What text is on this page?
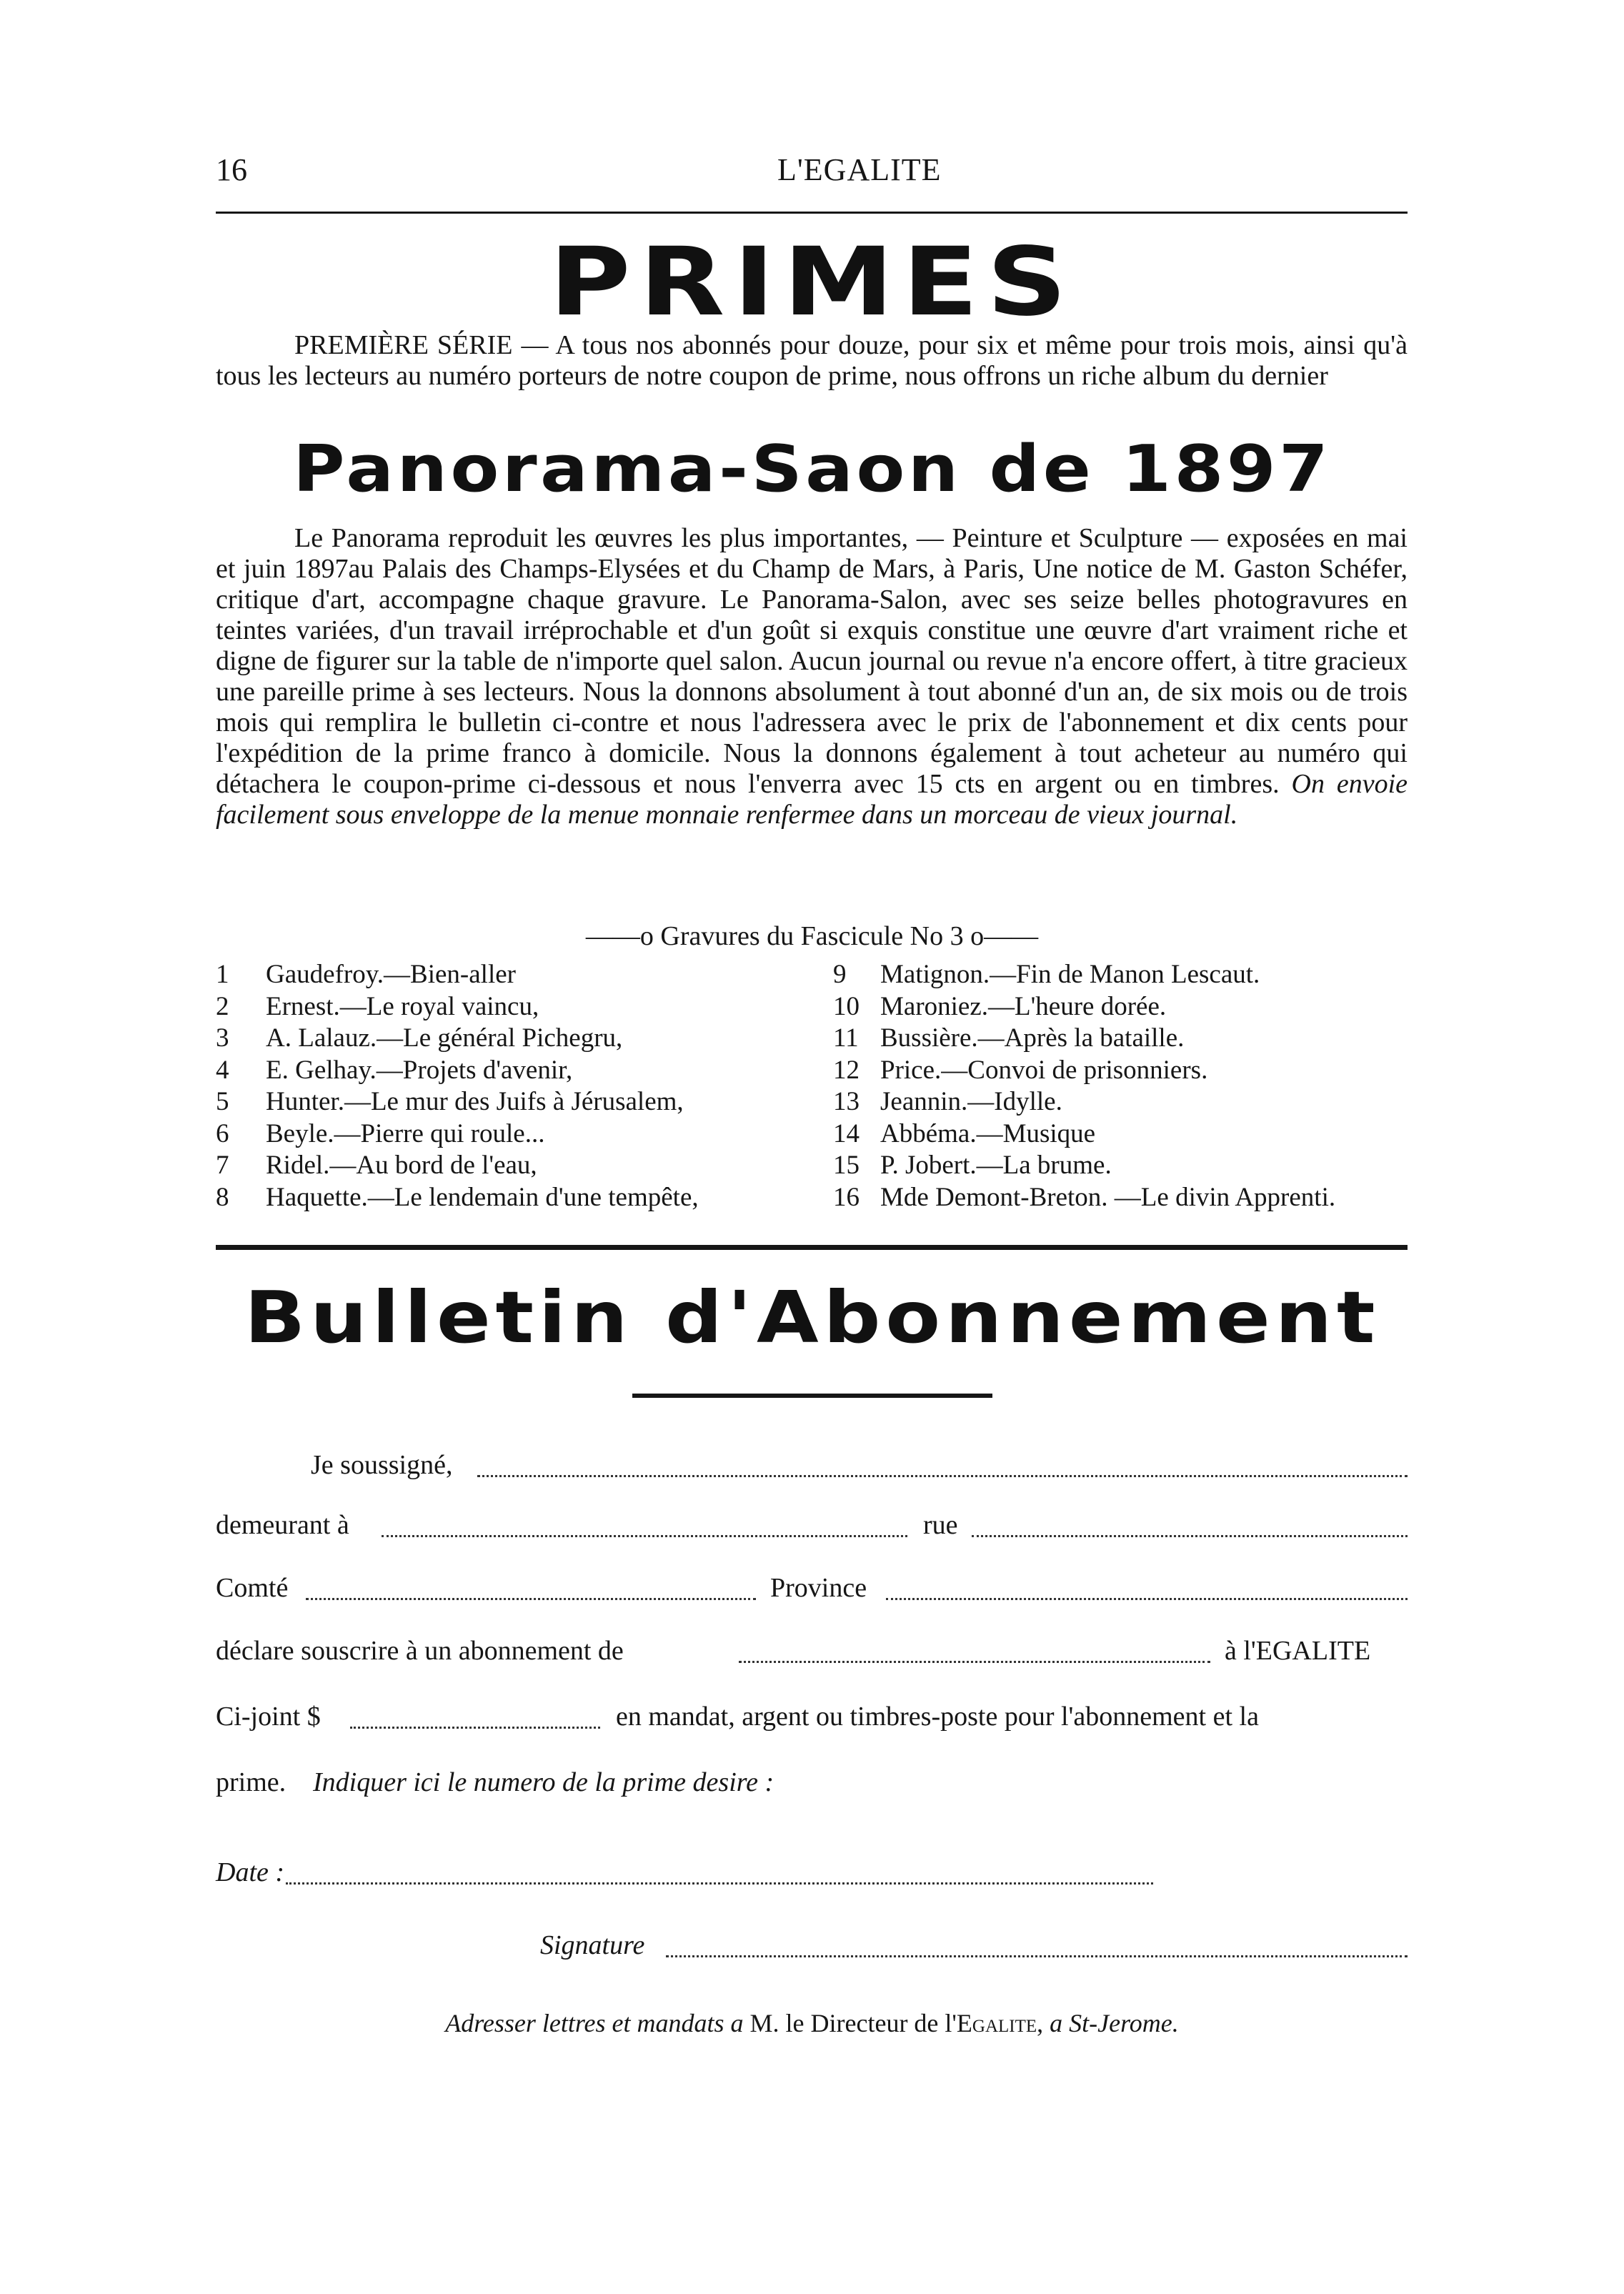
16	L'EGALITE
PRIMES
PREMIÈRE SÉRIE — A tous nos abonnés pour douze, pour six et même pour trois mois, ainsi qu'à tous les lecteurs au numéro porteurs de notre coupon de prime, nous offrons un riche album du dernier
Panorama-Saon de 1897
Le Panorama reproduit les œuvres les plus importantes, — Peinture et Sculpture — exposées en mai et juin 1897au Palais des Champs-Elysées et du Champ de Mars, à Paris, Une notice de M. Gaston Schéfer, critique d'art, accompagne chaque gravure. Le Panorama-Salon, avec ses seize belles photogravures en teintes variées, d'un travail irréprochable et d'un goût si exquis constitue une œuvre d'art vraiment riche et digne de figurer sur la table de n'importe quel salon. Aucun journal ou revue n'a encore offert, à titre gracieux une pareille prime à ses lecteurs. Nous la donnons absolument à tout abonné d'un an, de six mois ou de trois mois qui remplira le bulletin ci-contre et nous l'adressera avec le prix de l'abonnement et dix cents pour l'expédition de la prime franco à domicile. Nous la donnons également à tout acheteur au numéro qui détachera le coupon-prime ci-dessous et nous l'enverra avec 15 cts en argent ou en timbres. On envoie facilement sous enveloppe de la menue monnaie renfermee dans un morceau de vieux journal.
——o Gravures du Fascicule No 3 o——
1 Gaudefroy.—Bien-aller
2 Ernest.—Le royal vaincu,
3 A. Lalauz.—Le général Pichegru,
4 E. Gelhay.—Projets d'avenir,
5 Hunter.—Le mur des Juifs à Jérusalem,
6 Beyle.—Pierre qui roule...
7 Ridel.—Au bord de l'eau,
8 Haquette.—Le lendemain d'une tempête,
9 Matignon.—Fin de Manon Lescaut.
10 Maroniez.—L'heure dorée.
11 Bussière.—Après la bataille.
12 Price.—Convoi de prisonniers.
13 Jeannin.—Idylle.
14 Abbéma.—Musique
15 P. Jobert.—La brume.
16 Mde Demont-Breton. —Le divin Apprenti.
Bulletin d'Abonnement
Je soussigné,
demeurant à	rue
Comté	Province
déclare souscrire à un abonnement de	à l'EGALITE
Ci-joint $	en mandat, argent ou timbres-poste pour l'abonnement et la
prime. Indiquer ici le numero de la prime desire :
Date :
Signature
Adresser lettres et mandats a M. le Directeur de l'Egalite, a St-Jerome.
